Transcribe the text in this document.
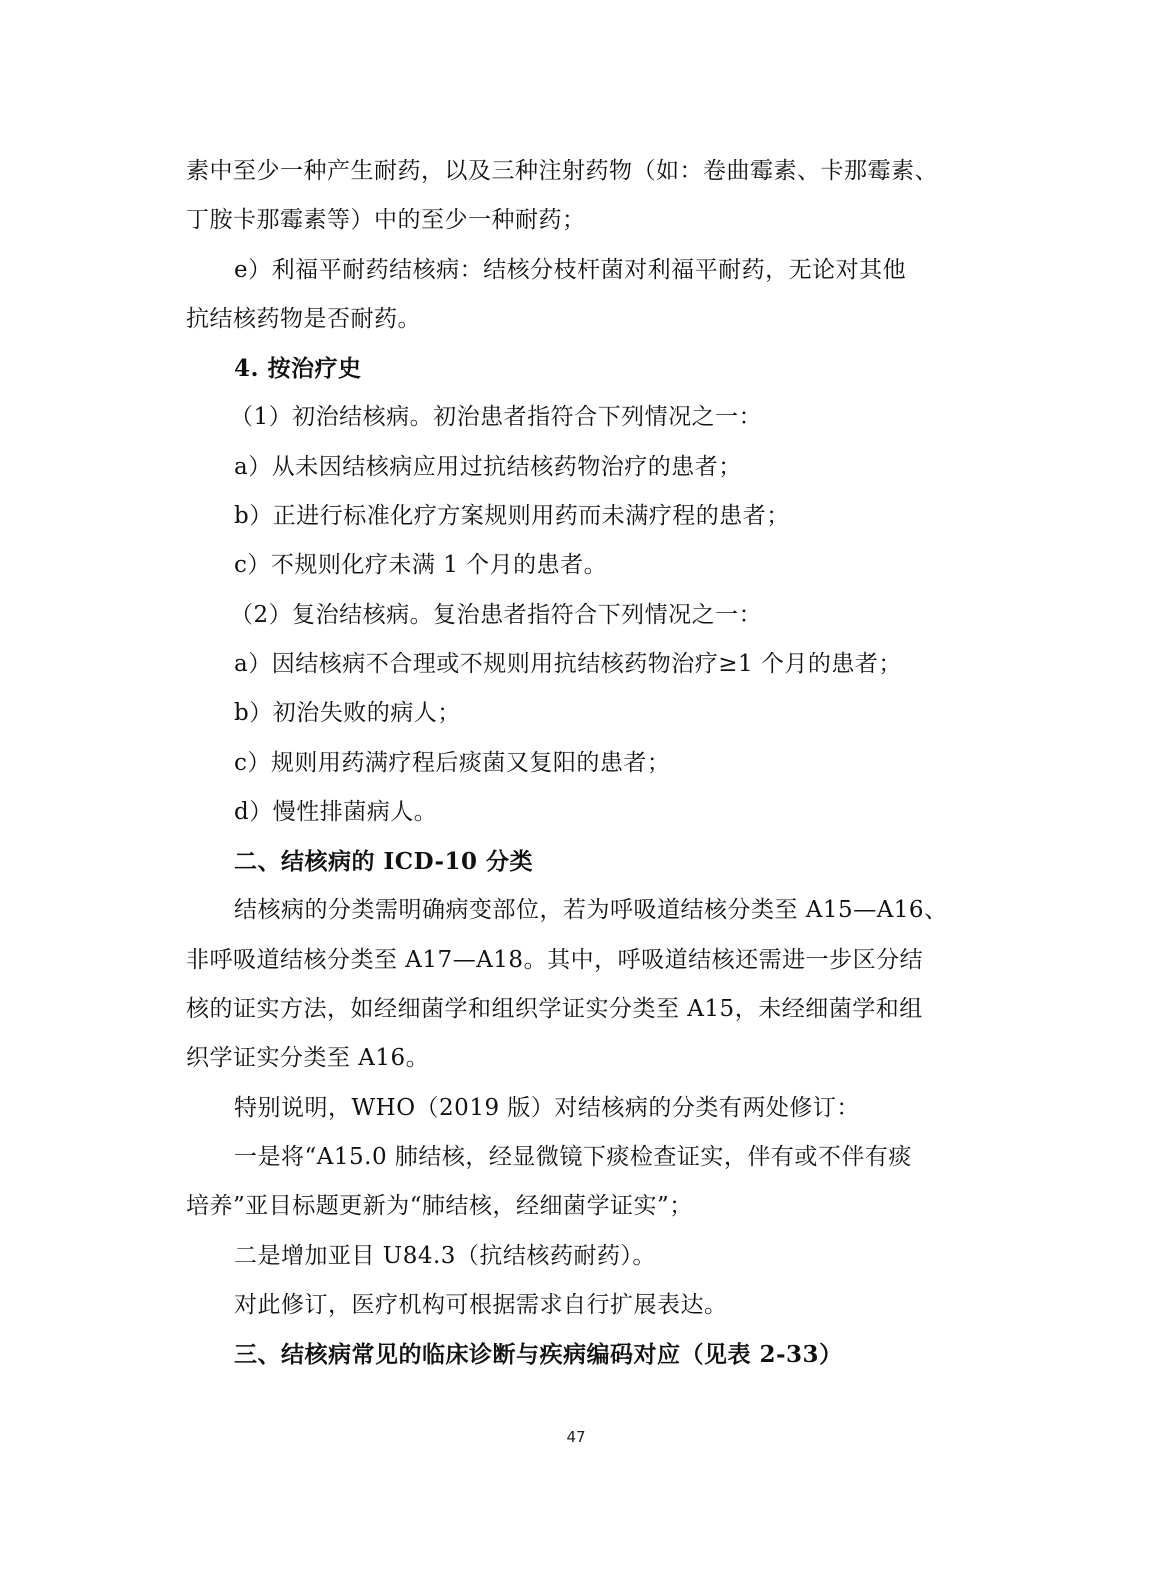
素中至少一种产生耐药，以及三种注射药物（如：卷曲霉素、卡那霉素、
丁胺卡那霉素等）中的至少一种耐药；
e）利福平耐药结核病：结核分枝杆菌对利福平耐药，无论对其他
抗结核药物是否耐药。
4. 按治疗史
（1）初治结核病。初治患者指符合下列情况之一：
a）从未因结核病应用过抗结核药物治疗的患者；
b）正进行标准化疗方案规则用药而未满疗程的患者；
c）不规则化疗未满 1 个月的患者。
（2）复治结核病。复治患者指符合下列情况之一：
a）因结核病不合理或不规则用抗结核药物治疗≥1 个月的患者；
b）初治失败的病人；
c）规则用药满疗程后痰菌又复阳的患者；
d）慢性排菌病人。
二、结核病的 ICD-10 分类
结核病的分类需明确病变部位，若为呼吸道结核分类至 A15—A16、
非呼吸道结核分类至 A17—A18。其中，呼吸道结核还需进一步区分结
核的证实方法，如经细菌学和组织学证实分类至 A15，未经细菌学和组
织学证实分类至 A16。
特别说明，WHO（2019 版）对结核病的分类有两处修订：
一是将“A15.0 肺结核，经显微镜下痰检查证实，伴有或不伴有痰
培养”亚目标题更新为“肺结核，经细菌学证实”；
二是增加亚目 U84.3（抗结核药耐药）。
对此修订，医疗机构可根据需求自行扩展表达。
三、结核病常见的临床诊断与疾病编码对应（见表 2-33）
47
